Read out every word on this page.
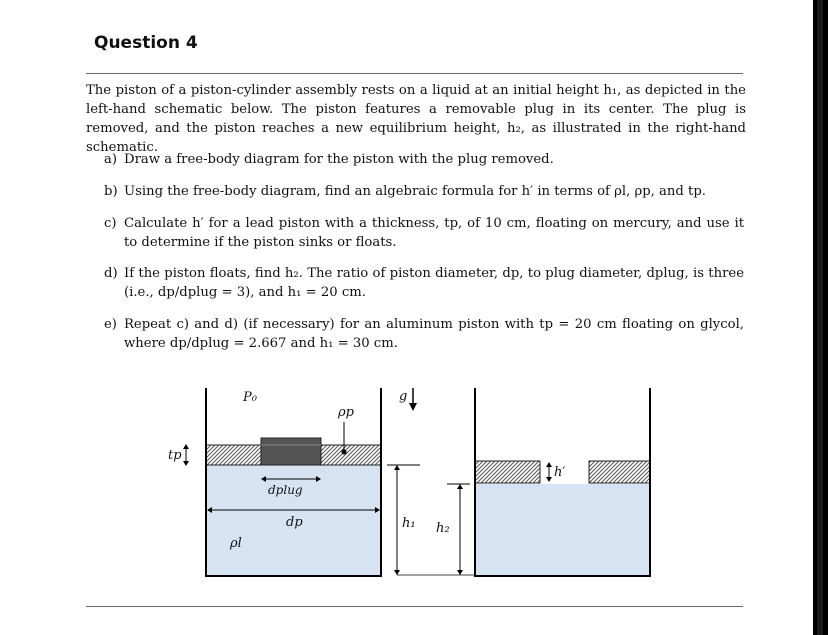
Question 4

The piston of a piston-cylinder assembly rests on a liquid at an initial height h₁, as depicted in the left-hand schematic below. The piston features a removable plug in its center. The plug is removed, and the piston reaches a new equilibrium height, h₂, as illustrated in the right-hand schematic.

a) Draw a free-body diagram for the piston with the plug removed.
b) Using the free-body diagram, find an algebraic formula for h′ in terms of ρl, ρp, and tp.
c) Calculate h′ for a lead piston with a thickness, tp, of 10 cm, floating on mercury, and use it to determine if the piston sinks or floats.
d) If the piston floats, find h₂. The ratio of piston diameter, dp, to plug diameter, dplug, is three (i.e., dp/dplug = 3), and h₁ = 20 cm.
e) Repeat c) and d) (if necessary) for an aluminum piston with tp = 20 cm floating on glycol, where dp/dplug = 2.667 and h₁ = 30 cm.
tp
P₀
ρp
dplug
dp
ρl
g
h₁ h₂
h′
